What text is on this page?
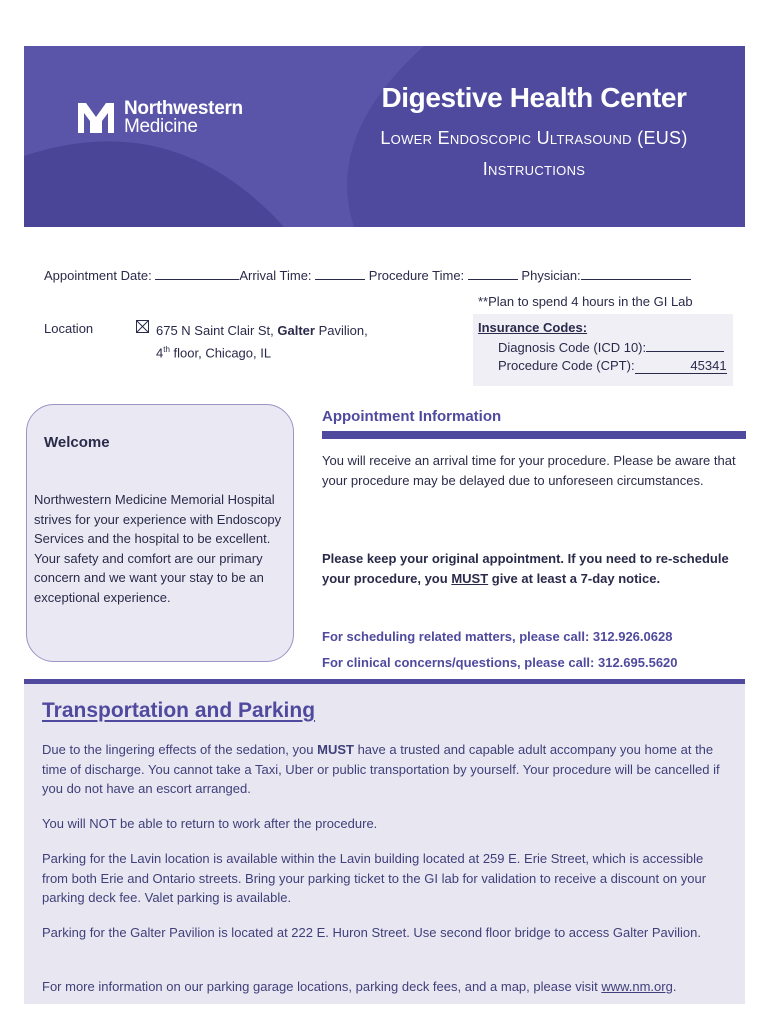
Northwestern
Medicine
Digestive Health Center
Lower Endoscopic Ultrasound (EUS)
Instructions
Appointment Date:	Arrival Time:	Procedure Time:	Physician:
**Plan to spend 4 hours in the GI Lab
Location	675 N Saint Clair St, Galter Pavilion,
4th floor, Chicago, IL
Insurance Codes:
Diagnosis Code (ICD 10):
Procedure Code (CPT):	45341
Welcome
Northwestern Medicine Memorial Hospital strives for your experience with Endoscopy Services and the hospital to be excellent. Your safety and comfort are our primary concern and we want your stay to be an exceptional experience.
Appointment Information
You will receive an arrival time for your procedure. Please be aware that your procedure may be delayed due to unforeseen circumstances.
Please keep your original appointment. If you need to re-schedule your procedure, you MUST give at least a 7-day notice.
For scheduling related matters, please call: 312.926.0628
For clinical concerns/questions, please call: 312.695.5620
Transportation and Parking
Due to the lingering effects of the sedation, you MUST have a trusted and capable adult accompany you home at the time of discharge. You cannot take a Taxi, Uber or public transportation by yourself. Your procedure will be cancelled if you do not have an escort arranged.
You will NOT be able to return to work after the procedure.
Parking for the Lavin location is available within the Lavin building located at 259 E. Erie Street, which is accessible from both Erie and Ontario streets. Bring your parking ticket to the GI lab for validation to receive a discount on your parking deck fee. Valet parking is available.
Parking for the Galter Pavilion is located at 222 E. Huron Street. Use second floor bridge to access Galter Pavilion.
For more information on our parking garage locations, parking deck fees, and a map, please visit www.nm.org.
